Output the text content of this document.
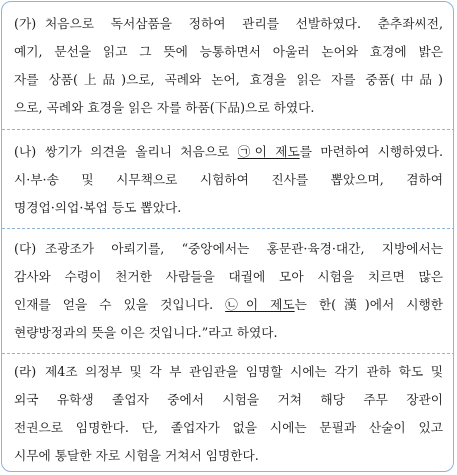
(가) 처음으로 독서삼품을 정하여 관리를 선발하였다. 춘추좌씨전,
예기, 문선을 읽고 그 뜻에 능통하면서 아울러 논어와 효경에 밝은
자를 상품(上品)으로, 곡례와 논어, 효경을 읽은 자를 중품(中品)
으로, 곡례와 효경을 읽은 자를 하품(下品)으로 하였다.
(나) 쌍기가 의견을 올리니 처음으로 ㉠이 제도를 마련하여 시행하였다.
시·부·송 및 시무책으로 시험하여 진사를 뽑았으며, 겸하여
명경업·의업·복업 등도 뽑았다.
(다) 조광조가 아뢰기를, “중앙에서는 홍문관·육경·대간, 지방에서는
감사와 수령이 천거한 사람들을 대궐에 모아 시험을 치르면 많은
인재를 얻을 수 있을 것입니다. ㉡이 제도는 한(漢)에서 시행한
현량방정과의 뜻을 이은 것입니다.”라고 하였다.
(라) 제4조 의정부 및 각 부 관임관을 임명할 시에는 각기 관하 학도 및
외국 유학생 졸업자 중에서 시험을 거쳐 해당 주무 장관이
전권으로 임명한다. 단, 졸업자가 없을 시에는 문필과 산술이 있고
시무에 통달한 자로 시험을 거쳐서 임명한다.
